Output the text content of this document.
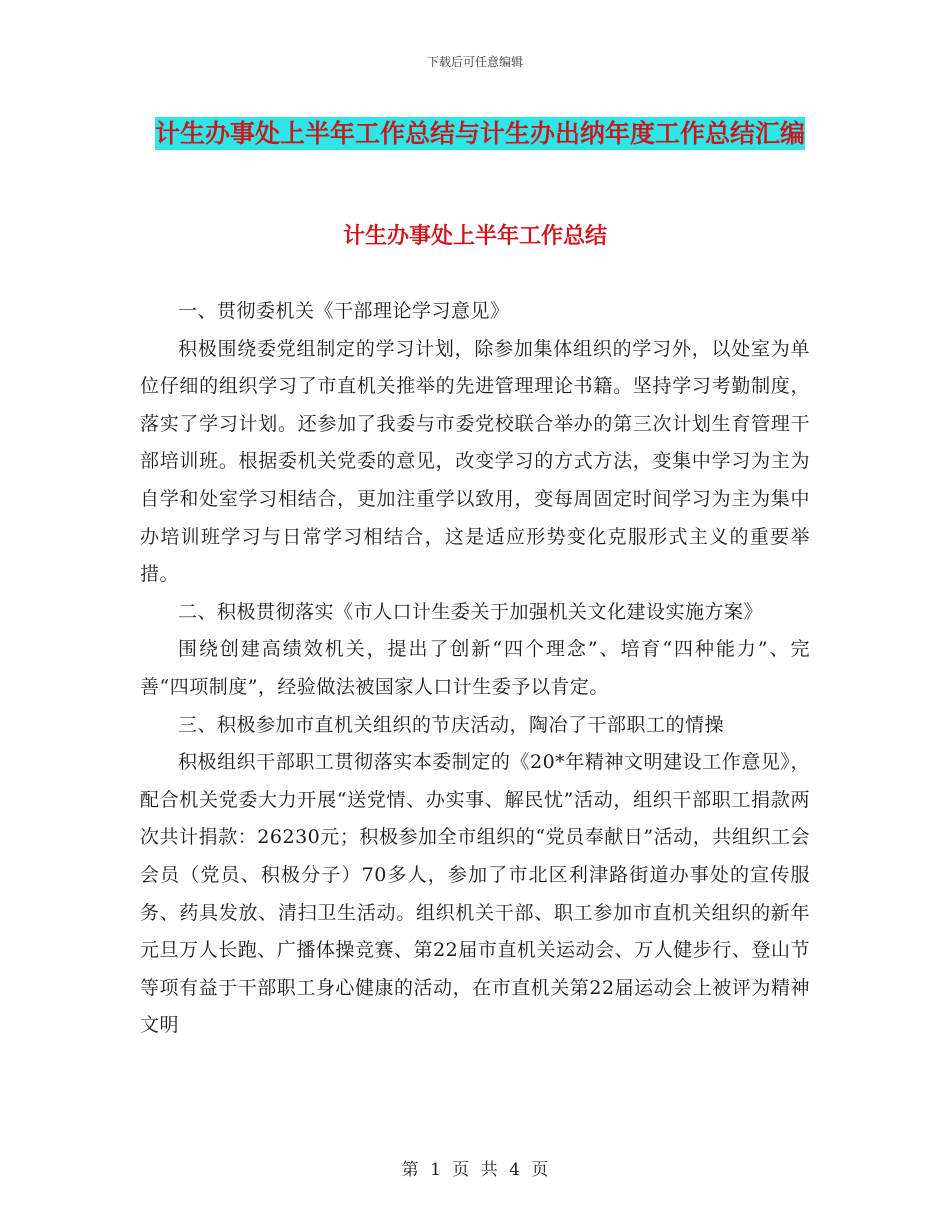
下载后可任意编辑
计生办事处上半年工作总结与计生办出纳年度工作总结汇编
计生办事处上半年工作总结

一、贯彻委机关《干部理论学习意见》

积极围绕委党组制定的学习计划，除参加集体组织的学习外，以处室为单位仔细的组织学习了市直机关推举的先进管理理论书籍。坚持学习考勤制度，落实了学习计划。还参加了我委与市委党校联合举办的第三次计划生育管理干部培训班。根据委机关党委的意见，改变学习的方式方法，变集中学习为主为自学和处室学习相结合，更加注重学以致用，变每周固定时间学习为主为集中办培训班学习与日常学习相结合，这是适应形势变化克服形式主义的重要举措。

二、积极贯彻落实《市人口计生委关于加强机关文化建设实施方案》

围绕创建高绩效机关，提出了创新“四个理念”、培育“四种能力”、完善“四项制度”，经验做法被国家人口计生委予以肯定。

三、积极参加市直机关组织的节庆活动，陶冶了干部职工的情操

积极组织干部职工贯彻落实本委制定的《20*年精神文明建设工作意见》，配合机关党委大力开展“送党情、办实事、解民忧”活动，组织干部职工捐款两次共计捐款：26230元；积极参加全市组织的“党员奉献日”活动，共组织工会会员（党员、积极分子）70多人，参加了市北区利津路街道办事处的宣传服务、药具发放、清扫卫生活动。组织机关干部、职工参加市直机关组织的新年元旦万人长跑、广播体操竞赛、第22届市直机关运动会、万人健步行、登山节等项有益于干部职工身心健康的活动，在市直机关第22届运动会上被评为精神文明

第 1 页 共 4 页
